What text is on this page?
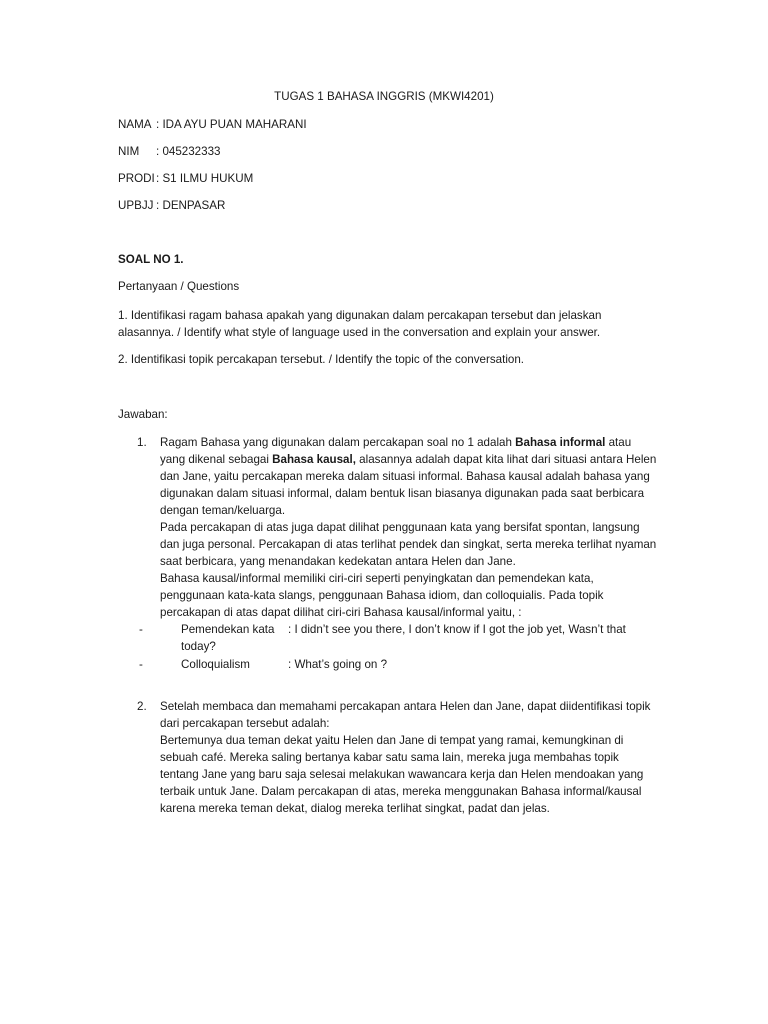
TUGAS 1 BAHASA INGGRIS (MKWI4201)
NAMA : IDA AYU PUAN MAHARANI
NIM : 045232333
PRODI: S1 ILMU HUKUM
UPBJJ : DENPASAR
SOAL NO 1.
Pertanyaan / Questions
1. Identifikasi ragam bahasa apakah yang digunakan dalam percakapan tersebut dan jelaskan alasannya. / Identify what style of language used in the conversation and explain your answer.
2. Identifikasi topik percakapan tersebut. / Identify the topic of the conversation.
Jawaban:
1. Ragam Bahasa yang digunakan dalam percakapan soal no 1 adalah Bahasa informal atau yang dikenal sebagai Bahasa kausal, alasannya adalah dapat kita lihat dari situasi antara Helen dan Jane, yaitu percakapan mereka dalam situasi informal. Bahasa kausal adalah bahasa yang digunakan dalam situasi informal, dalam bentuk lisan biasanya digunakan pada saat berbicara dengan teman/keluarga.

Pada percakapan di atas juga dapat dilihat penggunaan kata yang bersifat spontan, langsung dan juga personal. Percakapan di atas terlihat pendek dan singkat, serta mereka terlihat nyaman saat berbicara, yang menandakan kedekatan antara Helen dan Jane.

Bahasa kausal/informal memiliki ciri-ciri seperti penyingkatan dan pemendekan kata, penggunaan kata-kata slangs, penggunaan Bahasa idiom, dan colloquialis. Pada topik percakapan di atas dapat dilihat ciri-ciri Bahasa kausal/informal yaitu, :

-	Pemendekan kata : I didn’t see you there, I don’t know if I got the job yet, Wasn’t that today?
-	Colloquialism	: What’s going on ?
2. Setelah membaca dan memahami percakapan antara Helen dan Jane, dapat diidentifikasi topik dari percakapan tersebut adalah:

Bertemunya dua teman dekat yaitu Helen dan Jane di tempat yang ramai, kemungkinan di sebuah café. Mereka saling bertanya kabar satu sama lain, mereka juga membahas topik tentang Jane yang baru saja selesai melakukan wawancara kerja dan Helen mendoakan yang terbaik untuk Jane. Dalam percakapan di atas, mereka menggunakan Bahasa informal/kausal karena mereka teman dekat, dialog mereka terlihat singkat, padat dan jelas.
